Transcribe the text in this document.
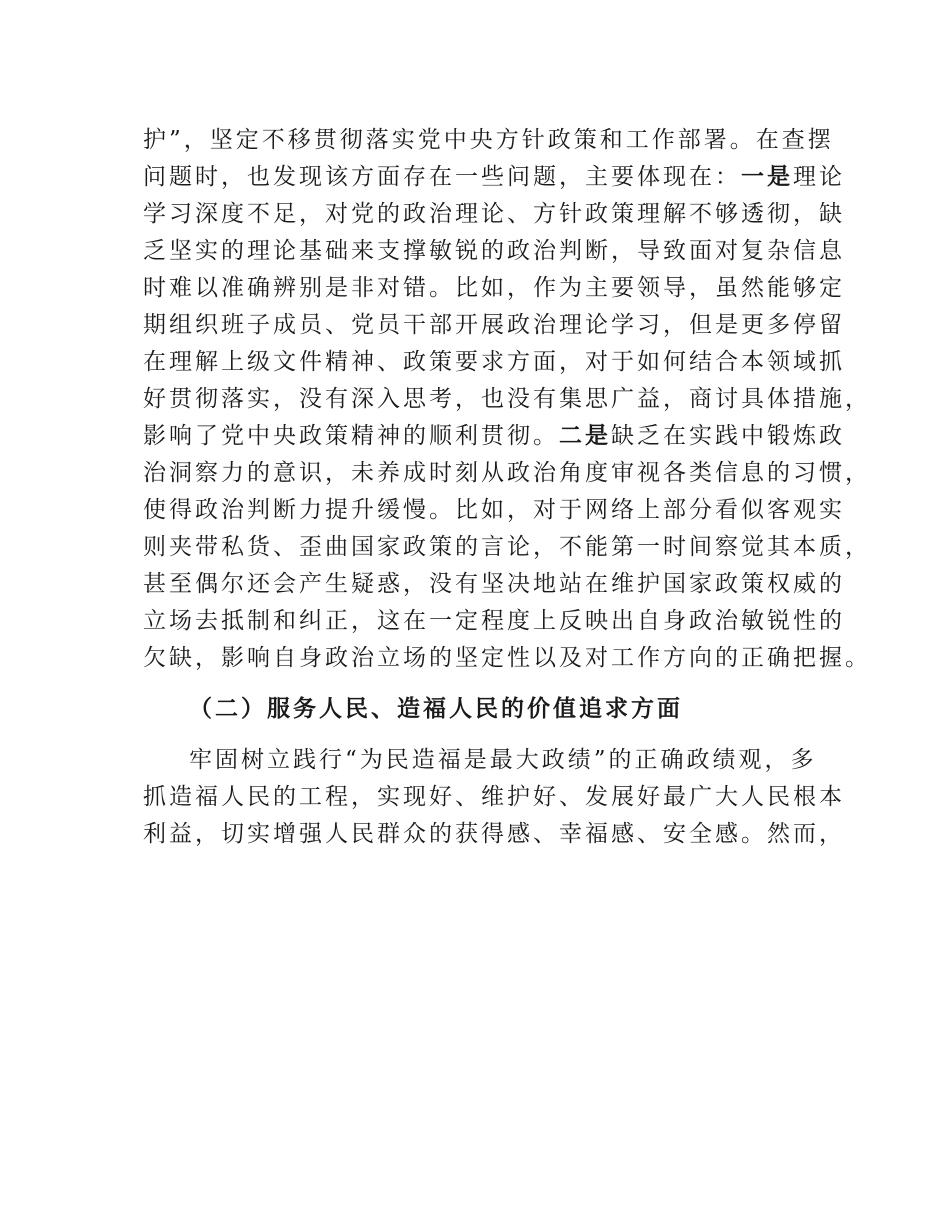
护”，坚定不移贯彻落实党中央方针政策和工作部署。在查摆
问题时，也发现该方面存在一些问题，主要体现在：一是理论
学习深度不足，对党的政治理论、方针政策理解不够透彻，缺
乏坚实的理论基础来支撑敏锐的政治判断，导致面对复杂信息
时难以准确辨别是非对错。比如，作为主要领导，虽然能够定
期组织班子成员、党员干部开展政治理论学习，但是更多停留
在理解上级文件精神、政策要求方面，对于如何结合本领域抓
好贯彻落实，没有深入思考，也没有集思广益，商讨具体措施，
影响了党中央政策精神的顺利贯彻。二是缺乏在实践中锻炼政
治洞察力的意识，未养成时刻从政治角度审视各类信息的习惯，
使得政治判断力提升缓慢。比如，对于网络上部分看似客观实
则夹带私货、歪曲国家政策的言论，不能第一时间察觉其本质，
甚至偶尔还会产生疑惑，没有坚决地站在维护国家政策权威的
立场去抵制和纠正，这在一定程度上反映出自身政治敏锐性的
欠缺，影响自身政治立场的坚定性以及对工作方向的正确把握。
（二）服务人民、造福人民的价值追求方面
牢固树立践行“为民造福是最大政绩”的正确政绩观，多
抓造福人民的工程，实现好、维护好、发展好最广大人民根本
利益，切实增强人民群众的获得感、幸福感、安全感。然而，
